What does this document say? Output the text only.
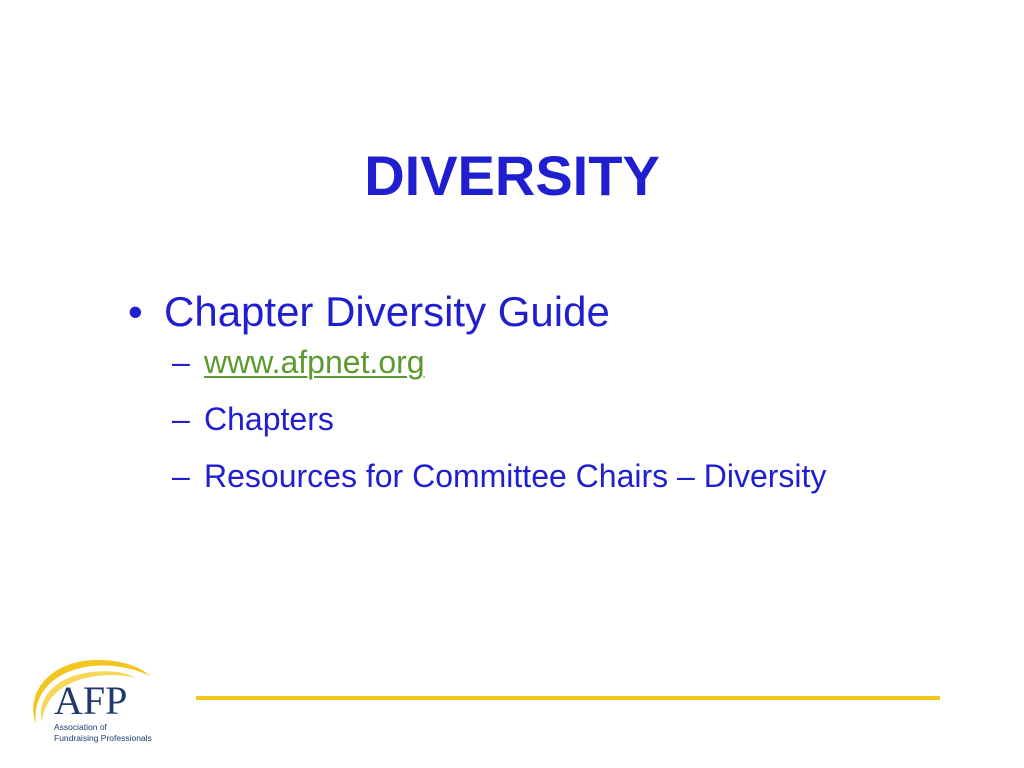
DIVERSITY
• Chapter Diversity Guide
– www.afpnet.org
– Chapters
– Resources for Committee Chairs – Diversity
AFP
Association of
Fundraising Professionals
